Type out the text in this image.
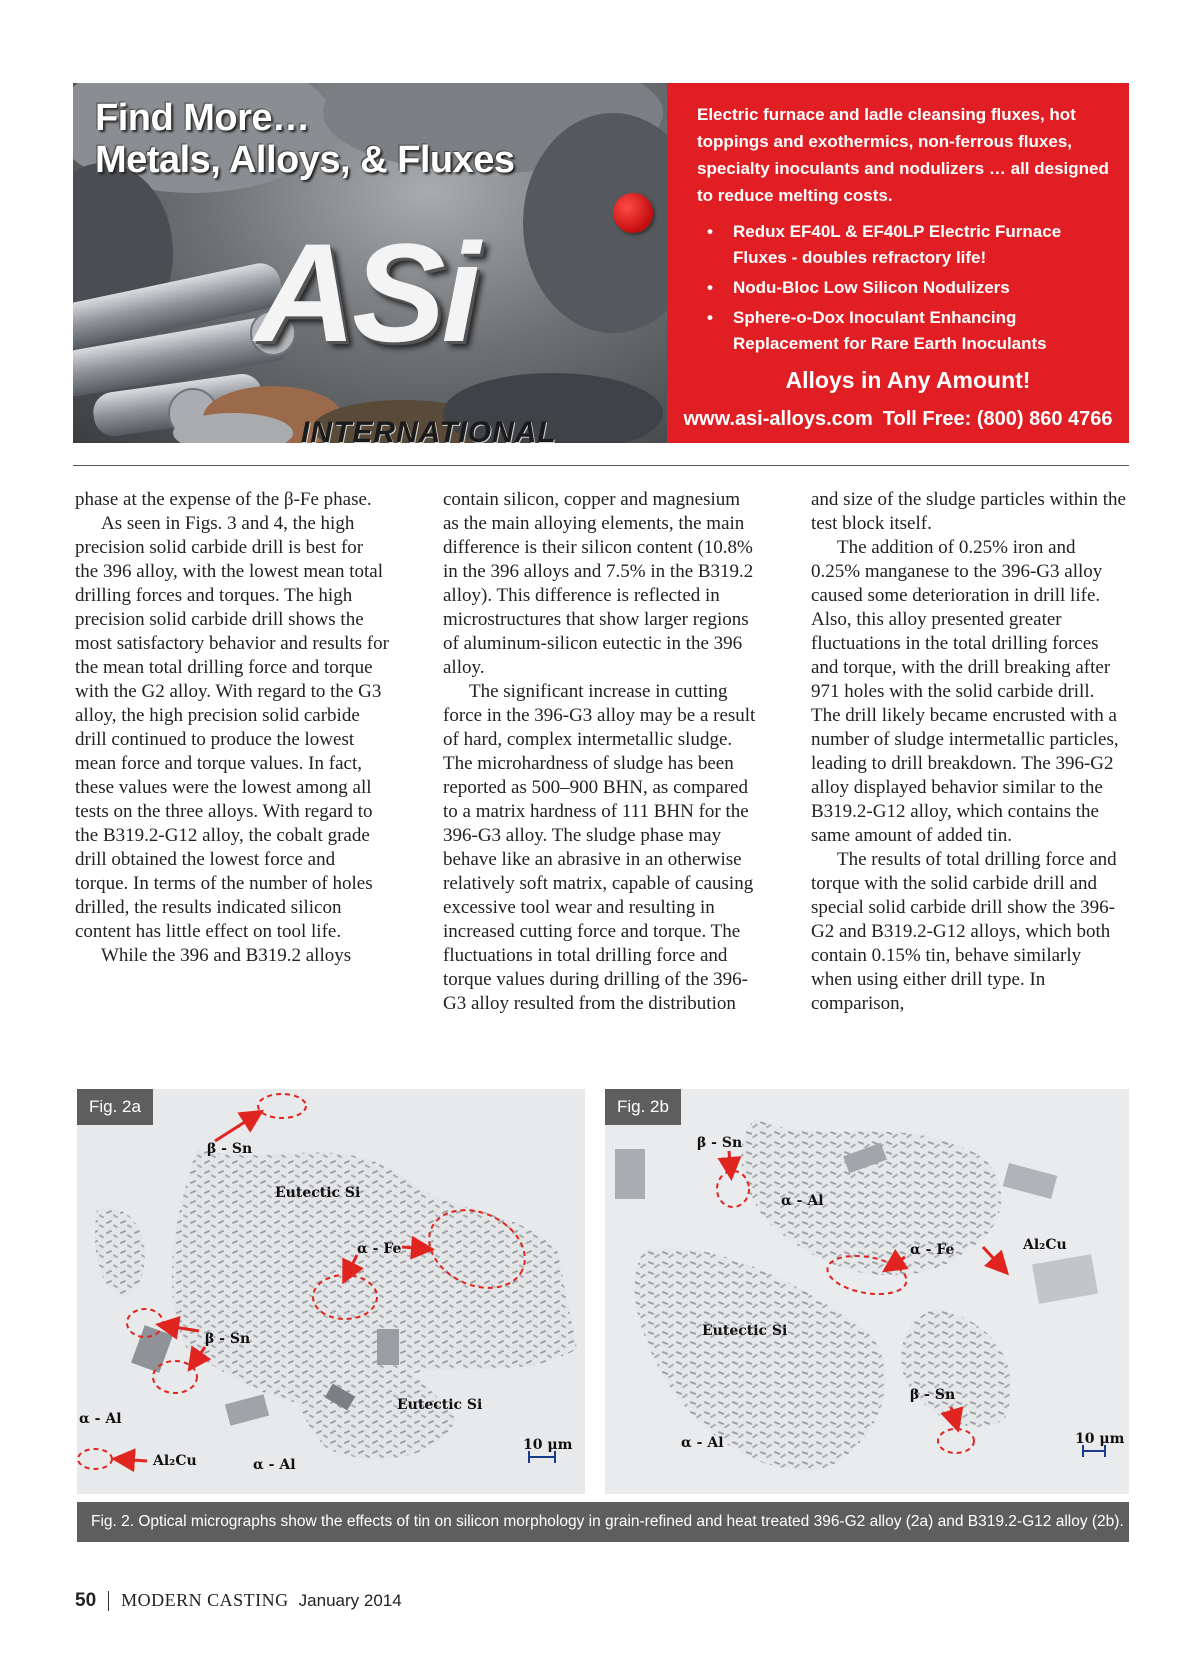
Find More…
Metals, Alloys, & Fluxes
ASi
INTERNATIONAL
Electric furnace and ladle cleansing fluxes, hot toppings and exothermics, non-ferrous fluxes, specialty inoculants and nodulizers … all designed to reduce melting costs.
•	Redux EF40L & EF40LP Electric Furnace Fluxes - doubles refractory life!
•	Nodu-Bloc Low Silicon Nodulizers
•	Sphere-o-Dox Inoculant Enhancing Replacement for Rare Earth Inoculants
Alloys in Any Amount!
www.asi-alloys.com Toll Free: (800) 860 4766

phase at the expense of the β-Fe phase.

As seen in Figs. 3 and 4, the high precision solid carbide drill is best for the 396 alloy, with the lowest mean total drilling forces and torques. The high precision solid carbide drill shows the most satisfactory behavior and results for the mean total drilling force and torque with the G2 alloy. With regard to the G3 alloy, the high precision solid carbide drill continued to produce the lowest mean force and torque values. In fact, these values were the lowest among all tests on the three alloys. With regard to the B319.2-G12 alloy, the cobalt grade drill obtained the lowest force and torque. In terms of the number of holes drilled, the results indicated silicon content has little effect on tool life.

While the 396 and B319.2 alloys

contain silicon, copper and magnesium as the main alloying elements, the main difference is their silicon content (10.8% in the 396 alloys and 7.5% in the B319.2 alloy). This difference is reflected in microstructures that show larger regions of aluminum-silicon eutectic in the 396 alloy.

The significant increase in cutting force in the 396-G3 alloy may be a result of hard, complex intermetallic sludge. The microhardness of sludge has been reported as 500–900 BHN, as compared to a matrix hardness of 111 BHN for the 396-G3 alloy. The sludge phase may behave like an abrasive in an otherwise relatively soft matrix, capable of causing excessive tool wear and resulting in increased cutting force and torque. The fluctuations in total drilling force and torque values during drilling of the 396-G3 alloy resulted from the distribution

and size of the sludge particles within the test block itself.

The addition of 0.25% iron and 0.25% manganese to the 396-G3 alloy caused some deterioration in drill life. Also, this alloy presented greater fluctuations in the total drilling forces and torque, with the drill breaking after 971 holes with the solid carbide drill. The drill likely became encrusted with a number of sludge intermetallic particles, leading to drill breakdown. The 396-G2 alloy displayed behavior similar to the B319.2-G12 alloy, which contains the same amount of added tin.

The results of total drilling force and torque with the solid carbide drill and special solid carbide drill show the 396-G2 and B319.2-G12 alloys, which both contain 0.15% tin, behave similarly when using either drill type. In comparison,

β - Sn
Eutectic Si
α - Fe
β - Sn
Eutectic Si
α - Al
Al₂Cu	α - Al
10 μm
Fig. 2a
β - Sn
α - Al
α - Fe	Al₂Cu
Eutectic Si
β - Sn
α - Al	10 μm
Fig. 2b
Fig. 2. Optical micrographs show the effects of tin on silicon morphology in grain-refined and heat treated 396-G2 alloy (2a) and B319.2-G12 alloy (2b).
50 MODERN CASTING January 2014
